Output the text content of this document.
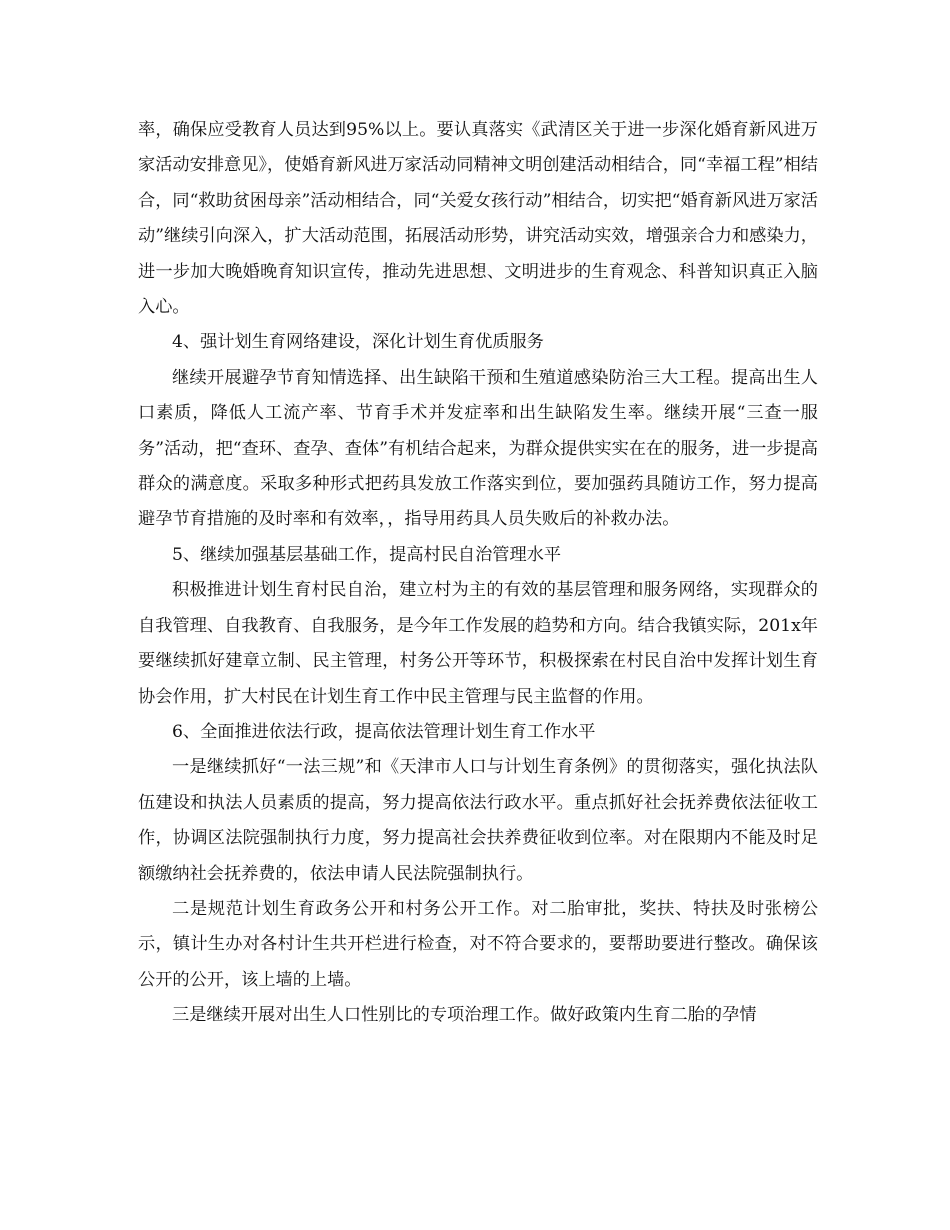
率，确保应受教育人员达到95%以上。要认真落实《武清区关于进一步深化婚育新风进万家活动安排意见》，使婚育新风进万家活动同精神文明创建活动相结合，同“幸福工程”相结合，同“救助贫困母亲”活动相结合，同“关爱女孩行动”相结合，切实把“婚育新风进万家活动”继续引向深入，扩大活动范围，拓展活动形势，讲究活动实效，增强亲合力和感染力，进一步加大晚婚晚育知识宣传，推动先进思想、文明进步的生育观念、科普知识真正入脑入心。

4、强计划生育网络建设，深化计划生育优质服务

继续开展避孕节育知情选择、出生缺陷干预和生殖道感染防治三大工程。提高出生人口素质，降低人工流产率、节育手术并发症率和出生缺陷发生率。继续开展“三查一服务”活动，把“查环、查孕、查体”有机结合起来，为群众提供实实在在的服务，进一步提高群众的满意度。采取多种形式把药具发放工作落实到位，要加强药具随访工作，努力提高避孕节育措施的及时率和有效率，，指导用药具人员失败后的补救办法。

5、继续加强基层基础工作，提高村民自治管理水平

积极推进计划生育村民自治，建立村为主的有效的基层管理和服务网络，实现群众的自我管理、自我教育、自我服务，是今年工作发展的趋势和方向。结合我镇实际，201x年要继续抓好建章立制、民主管理，村务公开等环节，积极探索在村民自治中发挥计划生育协会作用，扩大村民在计划生育工作中民主管理与民主监督的作用。

6、全面推进依法行政，提高依法管理计划生育工作水平

一是继续抓好“一法三规”和《天津市人口与计划生育条例》的贯彻落实，强化执法队伍建设和执法人员素质的提高，努力提高依法行政水平。重点抓好社会抚养费依法征收工作，协调区法院强制执行力度，努力提高社会扶养费征收到位率。对在限期内不能及时足额缴纳社会抚养费的，依法申请人民法院强制执行。

二是规范计划生育政务公开和村务公开工作。对二胎审批，奖扶、特扶及时张榜公示，镇计生办对各村计生共开栏进行检查，对不符合要求的，要帮助要进行整改。确保该公开的公开，该上墙的上墙。

三是继续开展对出生人口性别比的专项治理工作。做好政策内生育二胎的孕情
